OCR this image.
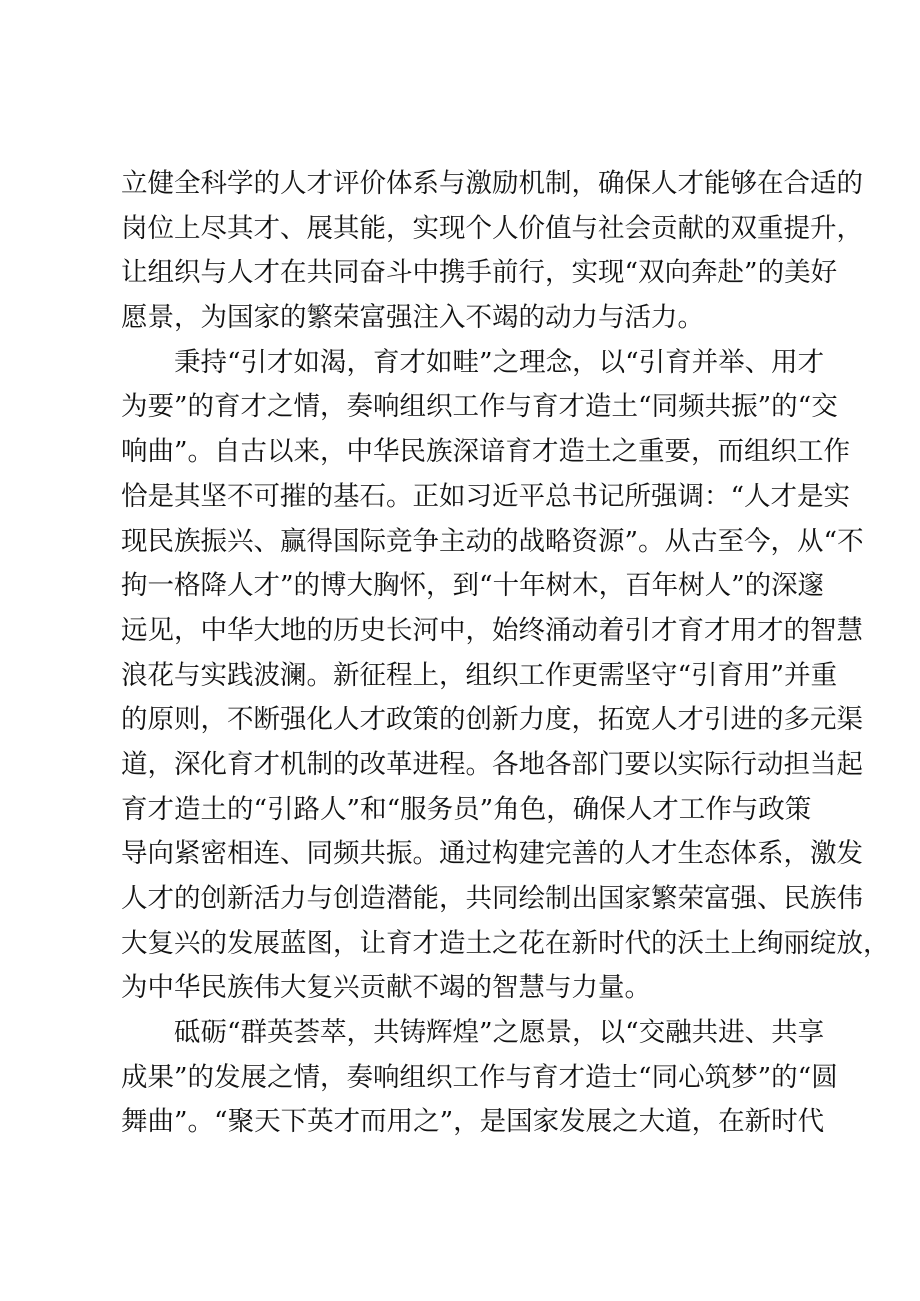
立健全科学的人才评价体系与激励机制，确保人才能够在合适的
岗位上尽其才、展其能，实现个人价值与社会贡献的双重提升，
让组织与人才在共同奋斗中携手前行，实现“双向奔赴”的美好
愿景，为国家的繁荣富强注入不竭的动力与活力。
秉持“引才如渴，育才如畦”之理念，以“引育并举、用才
为要”的育才之情，奏响组织工作与育才造土“同频共振”的“交
响曲”。自古以来，中华民族深谙育才造土之重要，而组织工作
恰是其坚不可摧的基石。正如习近平总书记所强调：“人才是实
现民族振兴、赢得国际竞争主动的战略资源”。从古至今，从“不
拘一格降人才”的博大胸怀，到“十年树木，百年树人”的深邃
远见，中华大地的历史长河中，始终涌动着引才育才用才的智慧
浪花与实践波澜。新征程上，组织工作更需坚守“引育用”并重
的原则，不断强化人才政策的创新力度，拓宽人才引进的多元渠
道，深化育才机制的改革进程。各地各部门要以实际行动担当起
育才造土的“引路人”和“服务员”角色，确保人才工作与政策
导向紧密相连、同频共振。通过构建完善的人才生态体系，激发
人才的创新活力与创造潜能，共同绘制出国家繁荣富强、民族伟
大复兴的发展蓝图，让育才造土之花在新时代的沃土上绚丽绽放，
为中华民族伟大复兴贡献不竭的智慧与力量。
砥砺“群英荟萃，共铸辉煌”之愿景，以“交融共进、共享
成果”的发展之情，奏响组织工作与育才造士“同心筑梦”的“圆
舞曲”。“聚天下英才而用之”，是国家发展之大道，在新时代
